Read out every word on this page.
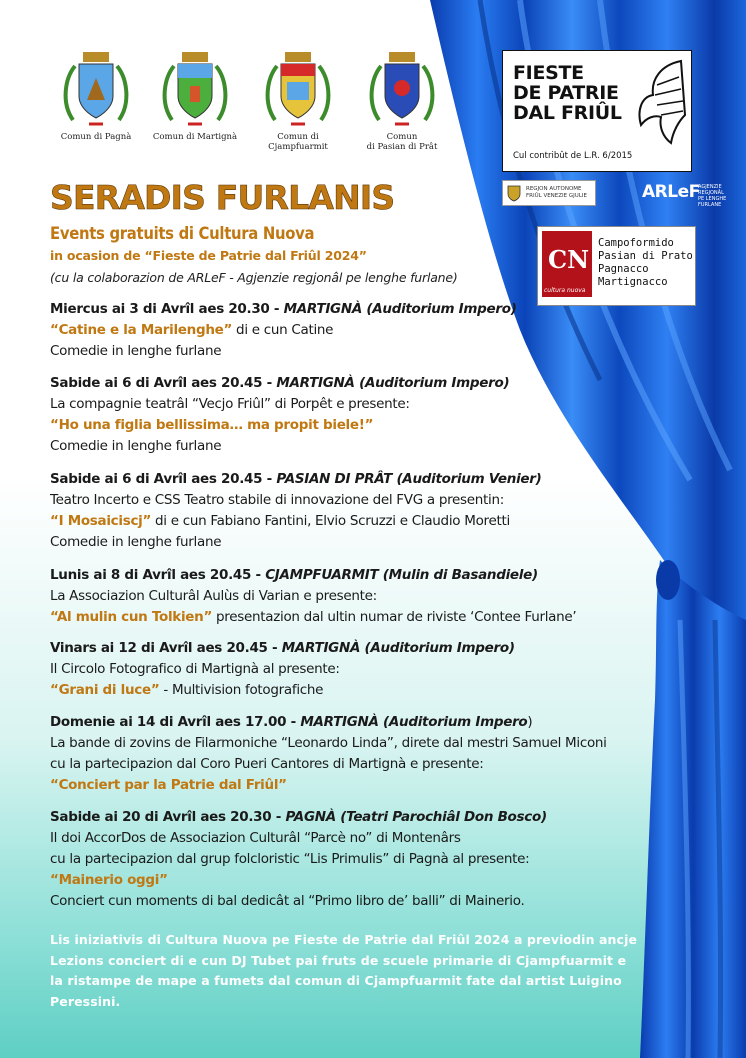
Comun di Pagnà	Comun di Martignà	Comun di
Cjampfuarmit
Comun
di Pasian di Prât
FIESTE
DE PATRIE
DAL FRIÛL
Cul contribût de L.R. 6/2015
REGJON AUTONOME
FRIÛL VENEZIE GJULIE	ARLeF
AGJENZIE
REGJONÂL
PE LENGHE
FURLANE
CN
cultura nuova
Campoformido
Pasian di Prato
Pagnacco
Martignacco
SERADIS FURLANIS
Events gratuits di Cultura Nuova
in ocasion de “Fieste de Patrie dal Friûl 2024”
(cu la colaborazion de ARLeF - Agjenzie regjonâl pe lenghe furlane)
Miercus ai 3 di Avrîl aes 20.30 - MARTIGNÀ (Auditorium Impero)
“Catine e la Marilenghe” di e cun Catine
Comedie in lenghe furlane
Sabide ai 6 di Avrîl aes 20.45 - MARTIGNÀ (Auditorium Impero)
La compagnie teatrâl “Vecjo Friûl” di Porpêt e presente:
“Ho una figlia bellissima… ma propit biele!”
Comedie in lenghe furlane
Sabide ai 6 di Avrîl aes 20.45 - PASIAN DI PRÂT (Auditorium Venier)
Teatro Incerto e CSS Teatro stabile di innovazione del FVG a presentin:
“I Mosaiciscj” di e cun Fabiano Fantini, Elvio Scruzzi e Claudio Moretti
Comedie in lenghe furlane
Lunis ai 8 di Avrîl aes 20.45 - CJAMPFUARMIT (Mulin di Basandiele)
La Associazion Culturâl Aulùs di Varian e presente:
“Al mulin cun Tolkien” presentazion dal ultin numar de riviste ‘Contee Furlane’
Vinars ai 12 di Avrîl aes 20.45 - MARTIGNÀ (Auditorium Impero)
Il Circolo Fotografico di Martignà al presente:
“Grani di luce” - Multivision fotografiche
Domenie ai 14 di Avrîl aes 17.00 - MARTIGNÀ (Auditorium Impero)
La bande di zovins de Filarmoniche “Leonardo Linda”, direte dal mestri Samuel Miconi
cu la partecipazion dal Coro Pueri Cantores di Martignà e presente:
“Conciert par la Patrie dal Friûl”
Sabide ai 20 di Avrîl aes 20.30 - PAGNÀ (Teatri Parochiâl Don Bosco)
Il doi AccorDos de Associazion Culturâl “Parcè no” di Montenârs
cu la partecipazion dal grup folcloristic “Lis Primulis” di Pagnà al presente:
“Mainerio oggi”
Conciert cun moments di bal dedicât al “Primo libro de’ balli” di Mainerio.
Lis iniziativis di Cultura Nuova pe Fieste de Patrie dal Friûl 2024 a previodin ancje
Lezions conciert di e cun DJ Tubet pai fruts de scuele primarie di Cjampfuarmit e
la ristampe de mape a fumets dal comun di Cjampfuarmit fate dal artist Luigino
Peressini.
